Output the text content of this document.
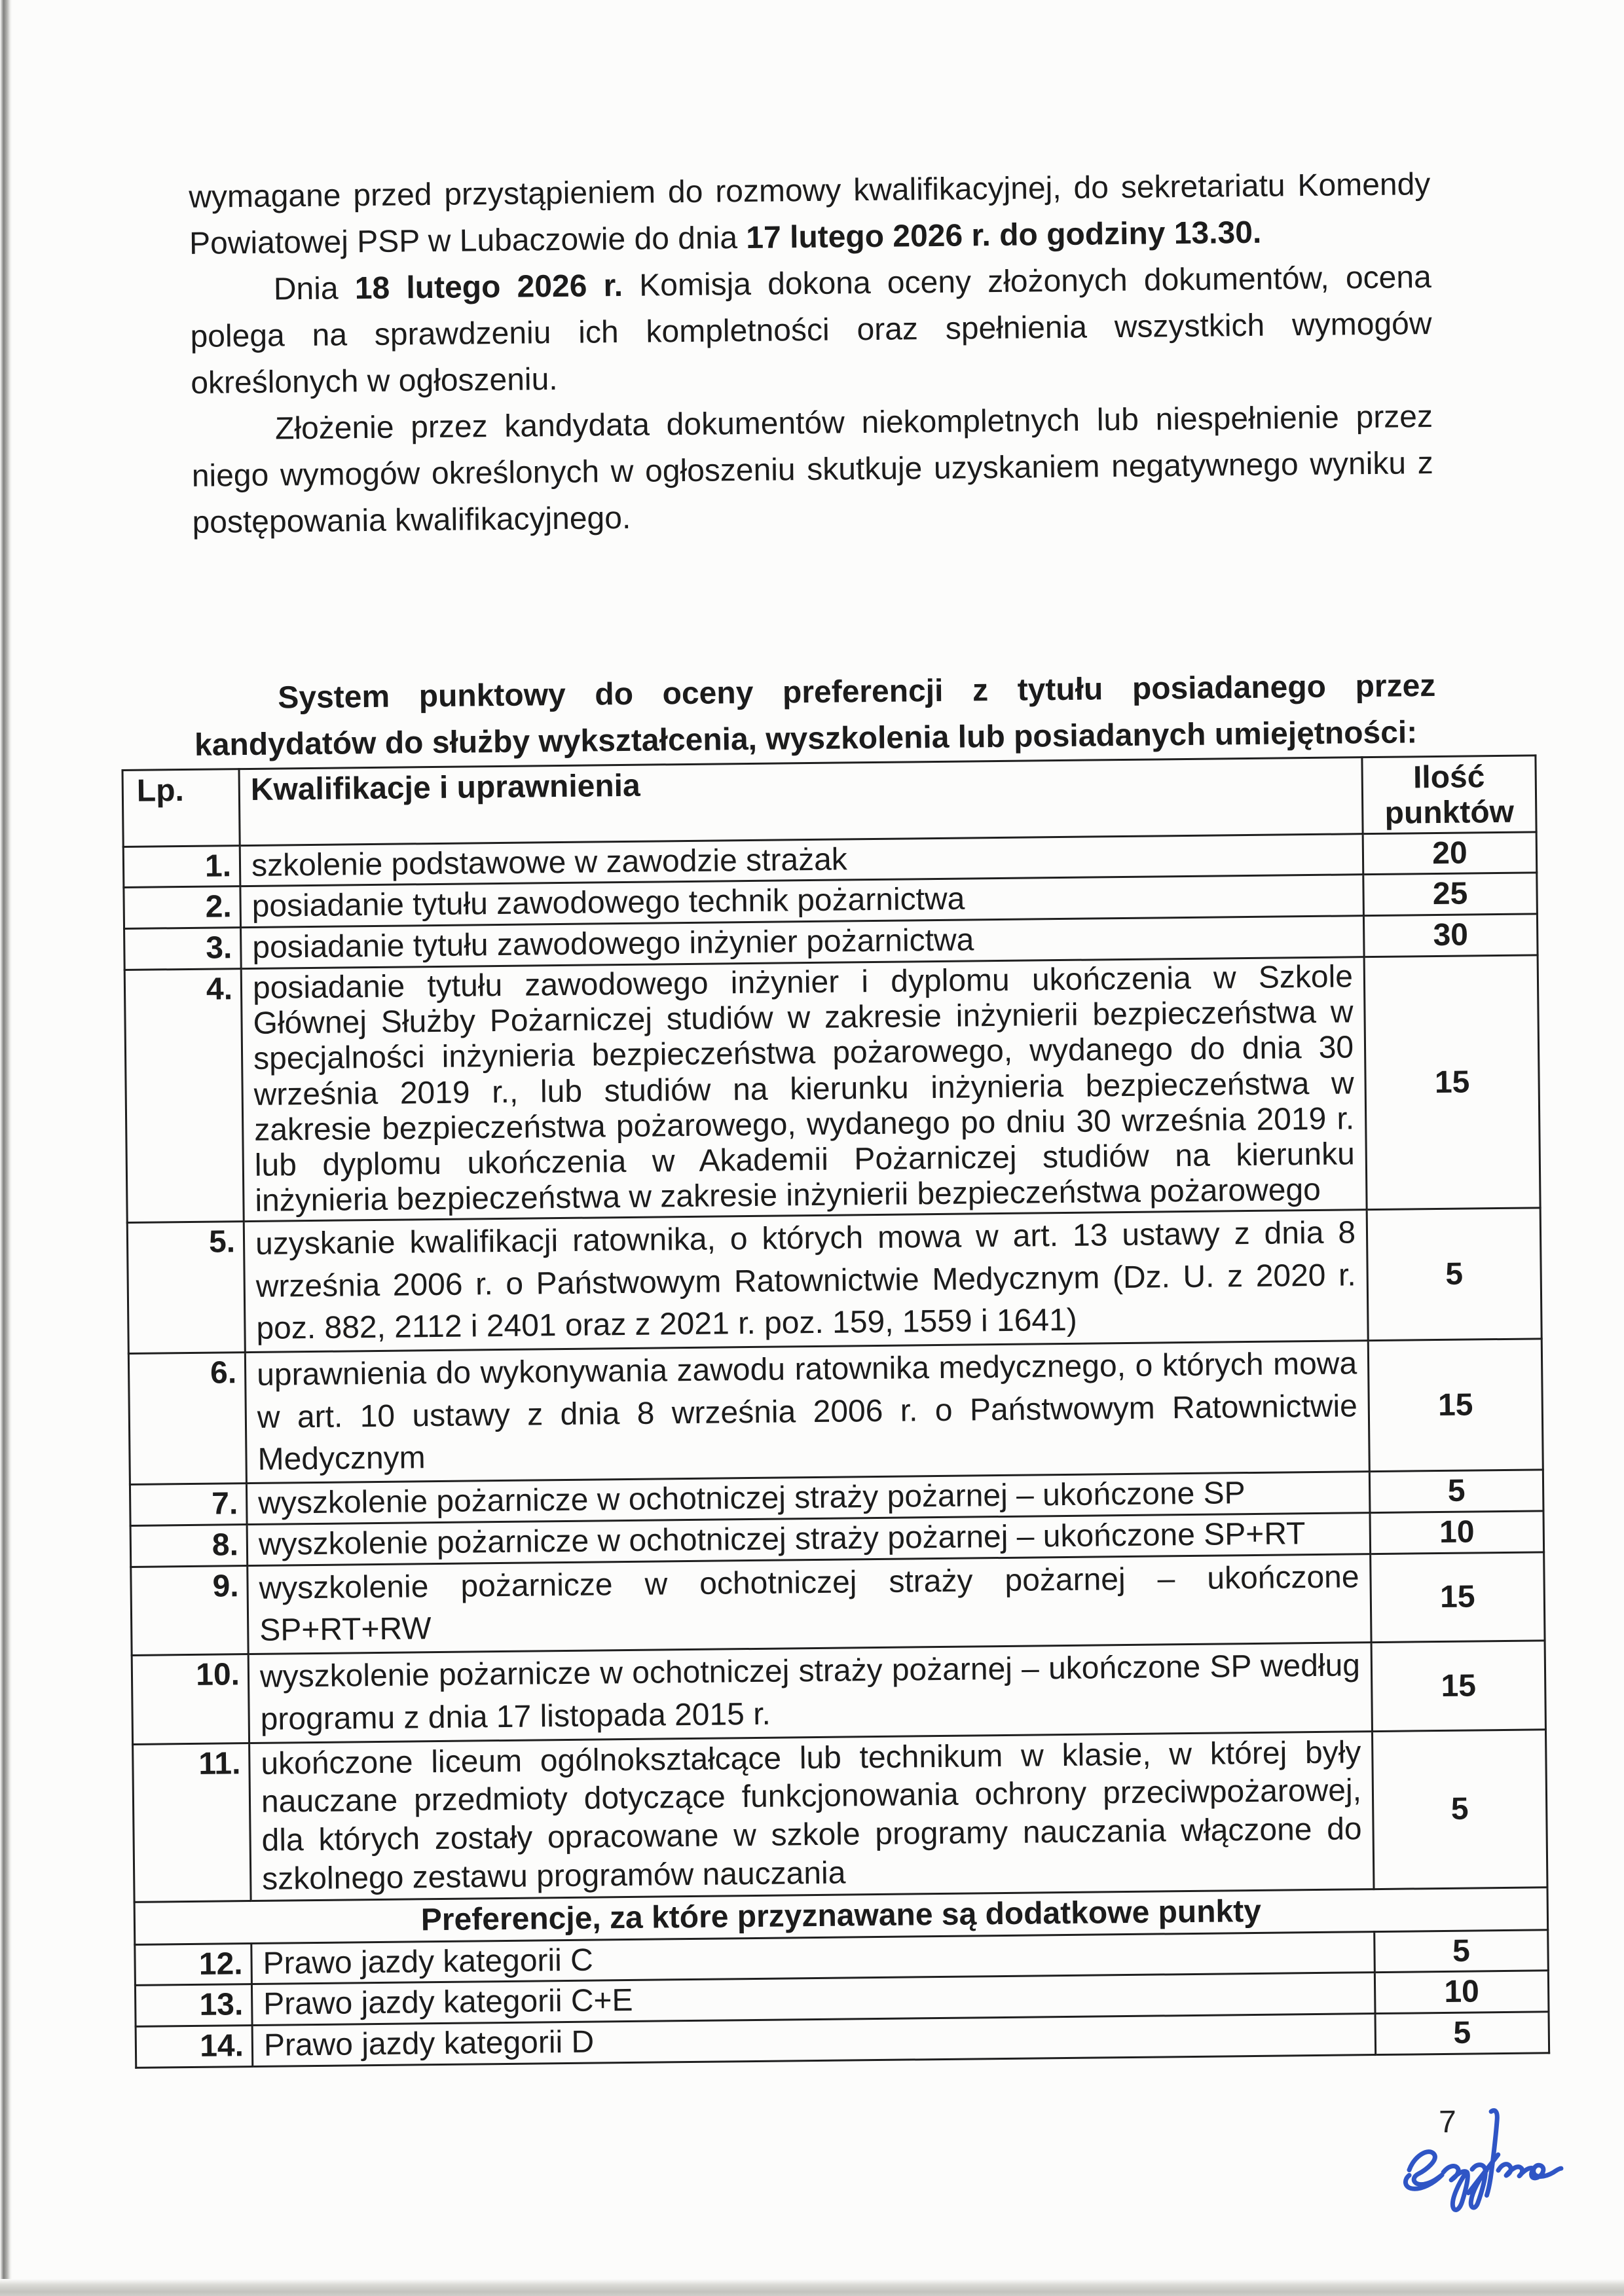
wymagane przed przystąpieniem do rozmowy kwalifikacyjnej, do sekretariatu Komendy Powiatowej PSP w Lubaczowie do dnia 17 lutego 2026 r. do godziny 13.30.

Dnia 18 lutego 2026 r. Komisja dokona oceny złożonych dokumentów, ocena polega na sprawdzeniu ich kompletności oraz spełnienia wszystkich wymogów określonych w ogłoszeniu.

Złożenie przez kandydata dokumentów niekompletnych lub niespełnienie przez niego wymogów określonych w ogłoszeniu skutkuje uzyskaniem negatywnego wyniku z postępowania kwalifikacyjnego.

System punktowy do oceny preferencji z tytułu posiadanego przez kandydatów do służby wykształcenia, wyszkolenia lub posiadanych umiejętności:

Lp.	Kwalifikacje i uprawnienia	Ilość punktów
1.	szkolenie podstawowe w zawodzie strażak	20
2.	posiadanie tytułu zawodowego technik pożarnictwa	25
3.	posiadanie tytułu zawodowego inżynier pożarnictwa	30
4.	posiadanie tytułu zawodowego inżynier i dyplomu ukończenia w Szkole Głównej Służby Pożarniczej studiów w zakresie inżynierii bezpieczeństwa w specjalności inżynieria bezpieczeństwa pożarowego, wydanego do dnia 30 września 2019 r., lub studiów na kierunku inżynieria bezpieczeństwa w zakresie bezpieczeństwa pożarowego, wydanego po dniu 30 września 2019 r. lub dyplomu ukończenia w Akademii Pożarniczej studiów na kierunku inżynieria bezpieczeństwa w zakresie inżynierii bezpieczeństwa pożarowego	15
5.	uzyskanie kwalifikacji ratownika, o których mowa w art. 13 ustawy z dnia 8 września 2006 r. o Państwowym Ratownictwie Medycznym (Dz. U. z 2020 r. poz. 882, 2112 i 2401 oraz z 2021 r. poz. 159, 1559 i 1641)	5
6.	uprawnienia do wykonywania zawodu ratownika medycznego, o których mowa w art. 10 ustawy z dnia 8 września 2006 r. o Państwowym Ratownictwie Medycznym	15
7.	wyszkolenie pożarnicze w ochotniczej straży pożarnej – ukończone SP	5
8.	wyszkolenie pożarnicze w ochotniczej straży pożarnej – ukończone SP+RT	10
9.	wyszkolenie pożarnicze w ochotniczej straży pożarnej – ukończone SP+RT+RW	15
10.	wyszkolenie pożarnicze w ochotniczej straży pożarnej – ukończone SP według programu z dnia 17 listopada 2015 r.	15
11.	ukończone liceum ogólnokształcące lub technikum w klasie, w której były nauczane przedmioty dotyczące funkcjonowania ochrony przeciwpożarowej, dla których zostały opracowane w szkole programy nauczania włączone do szkolnego zestawu programów nauczania	5
Preferencje, za które przyznawane są dodatkowe punkty		
12.	Prawo jazdy kategorii C	5
13.	Prawo jazdy kategorii C+E	10
14.	Prawo jazdy kategorii D	5
7
